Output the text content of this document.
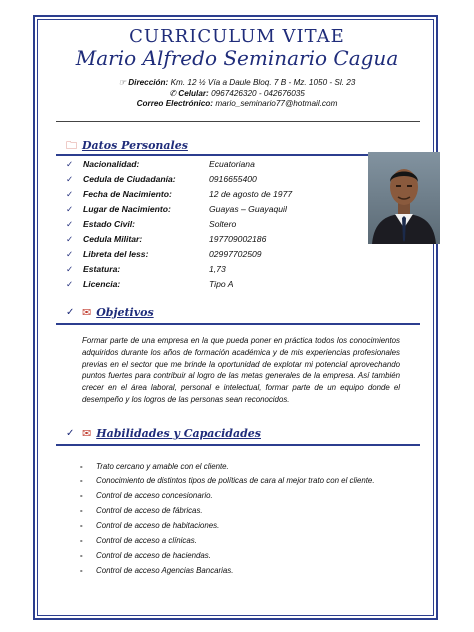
CURRICULUM VITAE
Mario Alfredo Seminario Cagua
☞ Dirección: Km. 12 ½ Vía a Daule Bloq. 7 B - Mz. 1050 - Sl. 23
✆ Celular: 0967426320 - 042676035
Correo Electrónico: mario_seminario77@hotmail.com
🗀 Datos Personales
✓ Nacionalidad:	Ecuatoriana
✓ Cedula de Ciudadanía:	0916655400
✓ Fecha de Nacimiento:	12 de agosto de 1977
✓ Lugar de Nacimiento:	Guayas – Guayaquil
✓ Estado Civil:	Soltero
✓ Cedula Militar:	197709002186
✓ Libreta del Iess:	02997702509
✓ Estatura:	1,73
✓ Licencia:	Tipo A
✓ ✉ Objetivos
Formar parte de una empresa en la que pueda poner en práctica todos los conocimientos adquiridos durante los años de formación académica y de mis experiencias profesionales previas en el sector que me brinde la oportunidad de explotar mi potencial aprovechando puntos fuertes para contribuir al logro de las metas generales de la empresa. Así también crecer en el área laboral, personal e intelectual, formar parte de un equipo donde el desempeño y los logros de las personas sean reconocidos.
✓ ✉ Habilidades y Capacidades
- Trato cercano y amable con el cliente.
- Conocimiento de distintos tipos de políticas de cara al mejor trato con el cliente.
- Control de acceso concesionario.
- Control de acceso de fábricas.
- Control de acceso de habitaciones.
- Control de acceso a clínicas.
- Control de acceso de haciendas.
- Control de acceso Agencias Bancarias.
